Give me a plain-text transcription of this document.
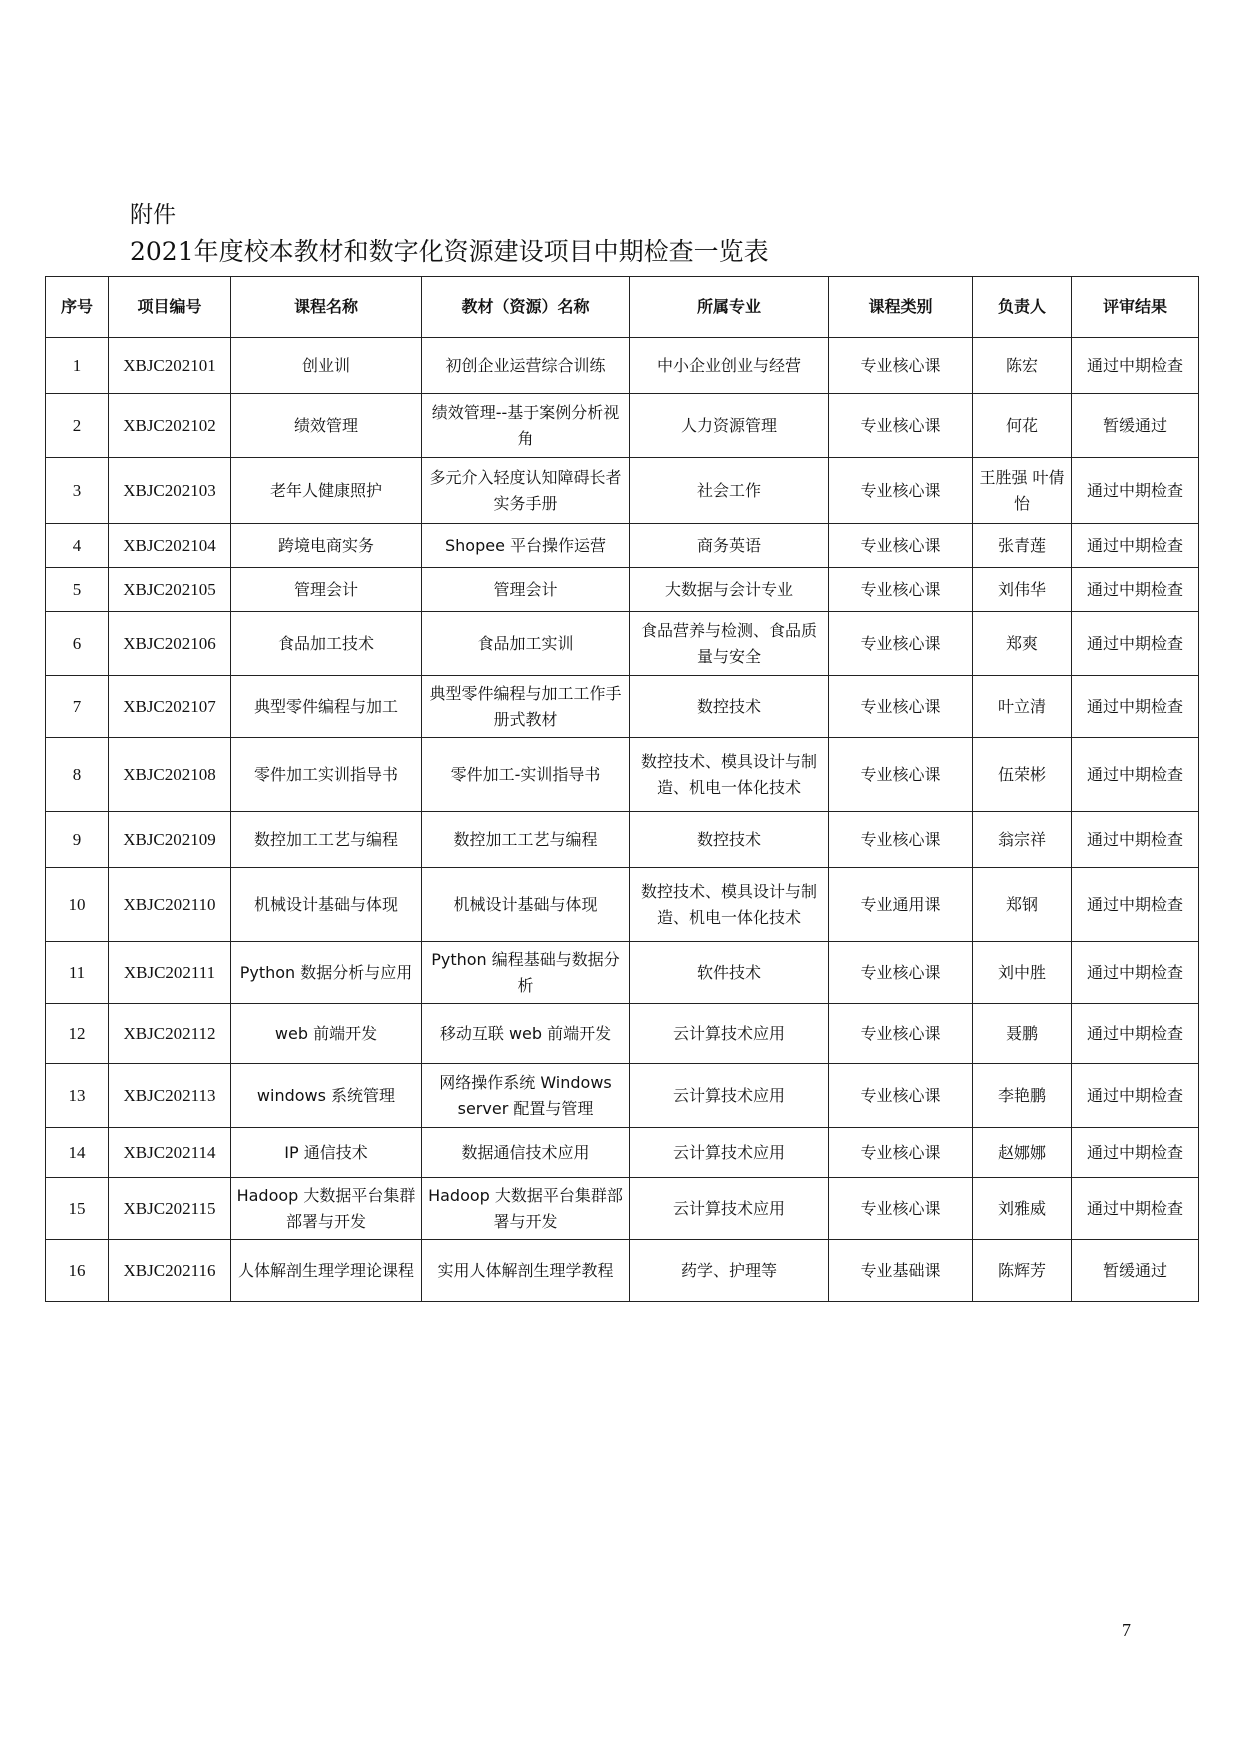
附件
2021年度校本教材和数字化资源建设项目中期检查一览表
序号	项目编号	课程名称	教材（资源）名称	所属专业	课程类别	负责人	评审结果
1	XBJC202101	创业训	初创企业运营综合训练	中小企业创业与经营	专业核心课	陈宏	通过中期检查
2	XBJC202102	绩效管理	绩效管理--基于案例分析视角	人力资源管理	专业核心课	何花	暂缓通过
3	XBJC202103	老年人健康照护	多元介入轻度认知障碍长者实务手册	社会工作	专业核心课	王胜强 叶倩怡	通过中期检查
4	XBJC202104	跨境电商实务	Shopee 平台操作运营	商务英语	专业核心课	张青莲	通过中期检查
5	XBJC202105	管理会计	管理会计	大数据与会计专业	专业核心课	刘伟华	通过中期检查
6	XBJC202106	食品加工技术	食品加工实训	食品营养与检测、食品质量与安全	专业核心课	郑爽	通过中期检查
7	XBJC202107	典型零件编程与加工	典型零件编程与加工工作手册式教材	数控技术	专业核心课	叶立清	通过中期检查
8	XBJC202108	零件加工实训指导书	零件加工-实训指导书	数控技术、模具设计与制造、机电一体化技术	专业核心课	伍荣彬	通过中期检查
9	XBJC202109	数控加工工艺与编程	数控加工工艺与编程	数控技术	专业核心课	翁宗祥	通过中期检查
10	XBJC202110	机械设计基础与体现	机械设计基础与体现	数控技术、模具设计与制造、机电一体化技术	专业通用课	郑钢	通过中期检查
11	XBJC202111	Python 数据分析与应用	Python 编程基础与数据分析	软件技术	专业核心课	刘中胜	通过中期检查
12	XBJC202112	web 前端开发	移动互联 web 前端开发	云计算技术应用	专业核心课	聂鹏	通过中期检查
13	XBJC202113	windows 系统管理	网络操作系统 Windows server 配置与管理	云计算技术应用	专业核心课	李艳鹏	通过中期检查
14	XBJC202114	IP 通信技术	数据通信技术应用	云计算技术应用	专业核心课	赵娜娜	通过中期检查
15	XBJC202115	Hadoop 大数据平台集群部署与开发	Hadoop 大数据平台集群部署与开发	云计算技术应用	专业核心课	刘雅威	通过中期检查
16	XBJC202116	人体解剖生理学理论课程	实用人体解剖生理学教程	药学、护理等	专业基础课	陈辉芳	暂缓通过
7
